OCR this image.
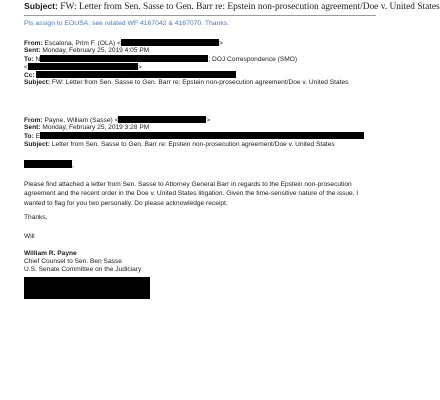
Subject: FW: Letter from Sen. Sasse to Gen. Barr re: Epstein non-prosecution agreement/Doe v. United States
Pls assign to EOUSA; see related WF 4167042 & 4167070. Thanks.
From: Escalona, Prim F. (OLA) <	>
Sent: Monday, February 25, 2019 4:05 PM
To: N	; DOJ Correspondence (SMO)
<	>
Cc:
Subject: FW: Letter from Sen. Sasse to Gen. Barr re: Epstein non-prosecution agreement/Doe v. United States
From: Payne, William (Sasse) <	>
Sent: Monday, February 25, 2019 3:28 PM
To: E
Subject: Letter from Sen. Sasse to Gen. Barr re: Epstein non-prosecution agreement/Doe v. United States
,
Please find attached a letter from Sen. Sasse to Attorney General Barr in regards to the Epstein non-prosecution agreement and the recent order in the Doe v. United States litigation. Given the time-sensitive nature of the issue, I wanted to flag for you two personally. Do please acknowledge receipt.
Thanks,
Will
William R. Payne
Chief Counsel to Sen. Ben Sasse
U.S. Senate Committee on the Judiciary
